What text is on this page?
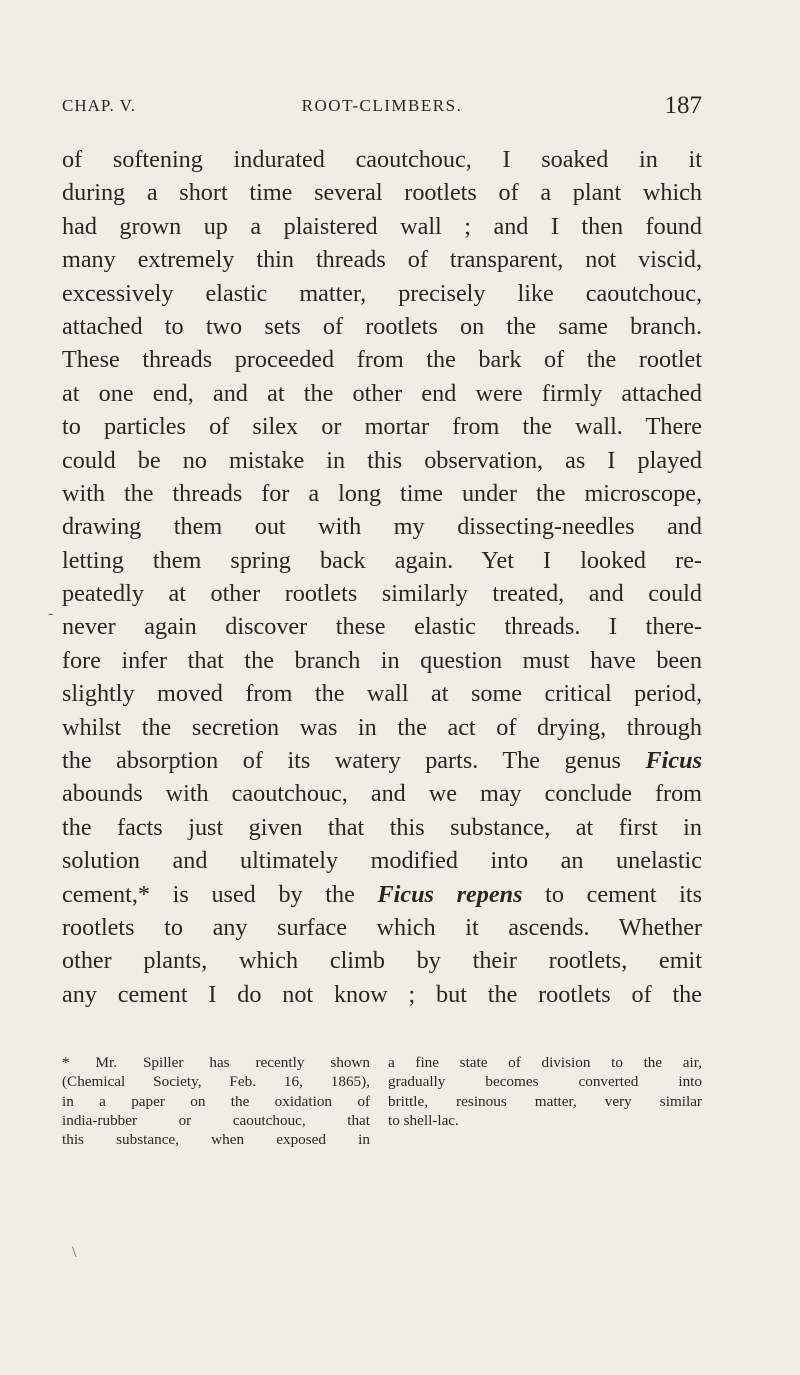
CHAP. V.	ROOT-CLIMBERS.	187
of softening indurated caoutchouc, I soaked in it
during a short time several rootlets of a plant which
had grown up a plaistered wall ; and I then found
many extremely thin threads of transparent, not viscid,
excessively elastic matter, precisely like caoutchouc,
attached to two sets of rootlets on the same branch.
These threads proceeded from the bark of the rootlet
at one end, and at the other end were firmly attached
to particles of silex or mortar from the wall. There
could be no mistake in this observation, as I played
with the threads for a long time under the microscope,
drawing them out with my dissecting-needles and
letting them spring back again. Yet I looked re-
peatedly at other rootlets similarly treated, and could
never again discover these elastic threads. I there-
fore infer that the branch in question must have been
slightly moved from the wall at some critical period,
whilst the secretion was in the act of drying, through
the absorption of its watery parts. The genus Ficus
abounds with caoutchouc, and we may conclude from
the facts just given that this substance, at first in
solution and ultimately modified into an unelastic
cement,* is used by the Ficus repens to cement its
rootlets to any surface which it ascends. Whether
other plants, which climb by their rootlets, emit
any cement I do not know ; but the rootlets of the
* Mr. Spiller has recently shown
(Chemical Society, Feb. 16, 1865),
in a paper on the oxidation of
india-rubber or caoutchouc, that
this substance, when exposed in
a fine state of division to the air,
gradually becomes converted into
brittle, resinous matter, very similar
to shell-lac.
-
\
